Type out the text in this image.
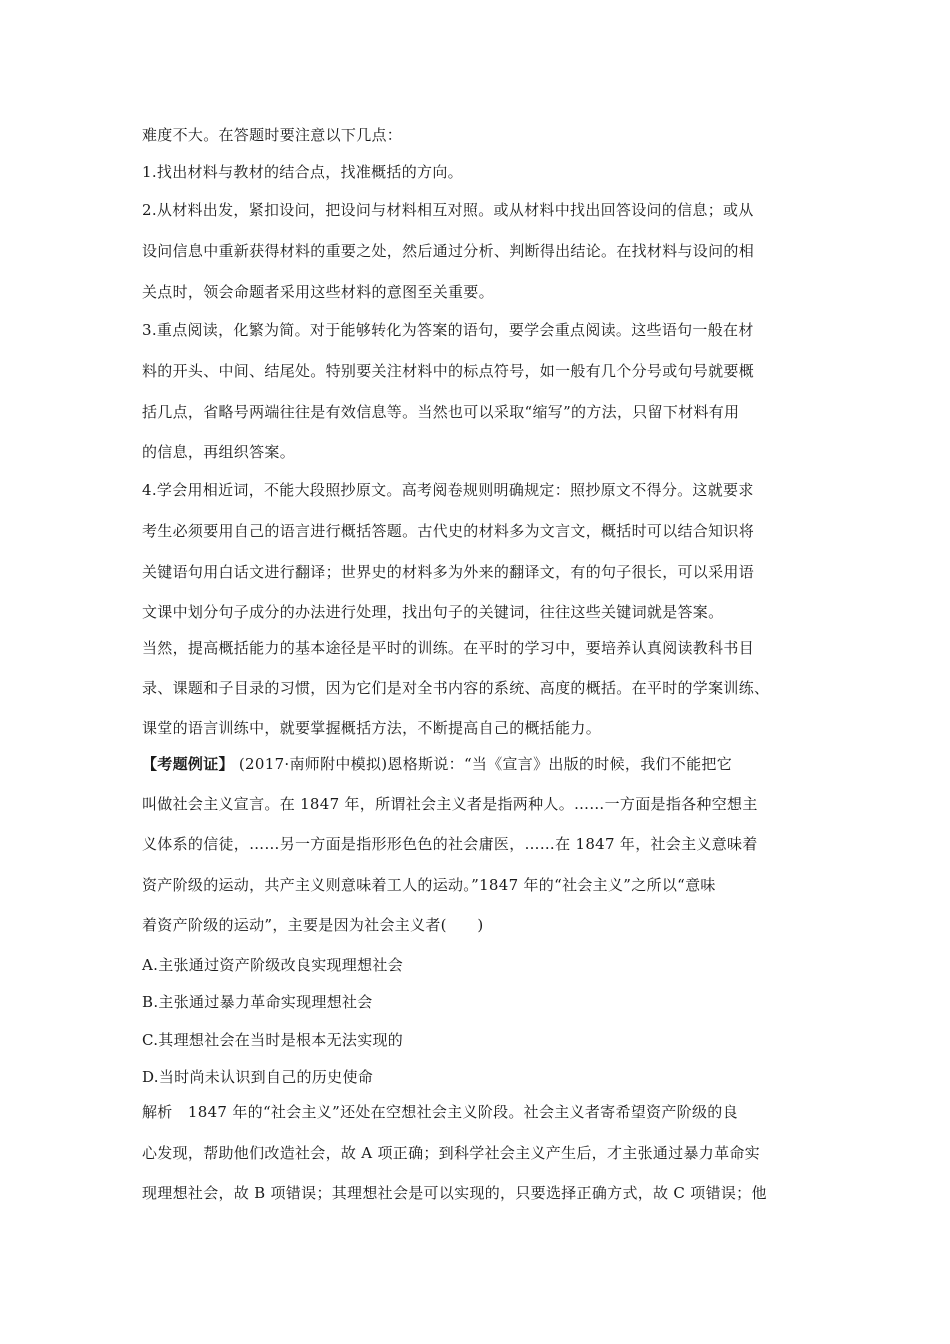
难度不大。在答题时要注意以下几点：
1.找出材料与教材的结合点，找准概括的方向。
2.从材料出发，紧扣设问，把设问与材料相互对照。或从材料中找出回答设问的信息；或从
设问信息中重新获得材料的重要之处，然后通过分析、判断得出结论。在找材料与设问的相
关点时，领会命题者采用这些材料的意图至关重要。
3.重点阅读，化繁为简。对于能够转化为答案的语句，要学会重点阅读。这些语句一般在材
料的开头、中间、结尾处。特别要关注材料中的标点符号，如一般有几个分号或句号就要概
括几点，省略号两端往往是有效信息等。当然也可以采取“缩写”的方法，只留下材料有用
的信息，再组织答案。
4.学会用相近词，不能大段照抄原文。高考阅卷规则明确规定：照抄原文不得分。这就要求
考生必须要用自己的语言进行概括答题。古代史的材料多为文言文，概括时可以结合知识将
关键语句用白话文进行翻译；世界史的材料多为外来的翻译文，有的句子很长，可以采用语
文课中划分句子成分的办法进行处理，找出句子的关键词，往往这些关键词就是答案。
当然，提高概括能力的基本途径是平时的训练。在平时的学习中，要培养认真阅读教科书目
录、课题和子目录的习惯，因为它们是对全书内容的系统、高度的概括。在平时的学案训练、
课堂的语言训练中，就要掌握概括方法，不断提高自己的概括能力。
【考题例证】 (2017·南师附中模拟)恩格斯说：“当《宣言》出版的时候，我们不能把它
叫做社会主义宣言。在 1847 年，所谓社会主义者是指两种人。……一方面是指各种空想主
义体系的信徒，……另一方面是指形形色色的社会庸医，……在 1847 年，社会主义意味着
资产阶级的运动，共产主义则意味着工人的运动。”1847 年的“社会主义”之所以“意味
着资产阶级的运动”，主要是因为社会主义者(　　)
A.主张通过资产阶级改良实现理想社会
B.主张通过暴力革命实现理想社会
C.其理想社会在当时是根本无法实现的
D.当时尚未认识到自己的历史使命
解析　1847 年的“社会主义”还处在空想社会主义阶段。社会主义者寄希望资产阶级的良
心发现，帮助他们改造社会，故 A 项正确；到科学社会主义产生后，才主张通过暴力革命实
现理想社会，故 B 项错误；其理想社会是可以实现的，只要选择正确方式，故 C 项错误；他
